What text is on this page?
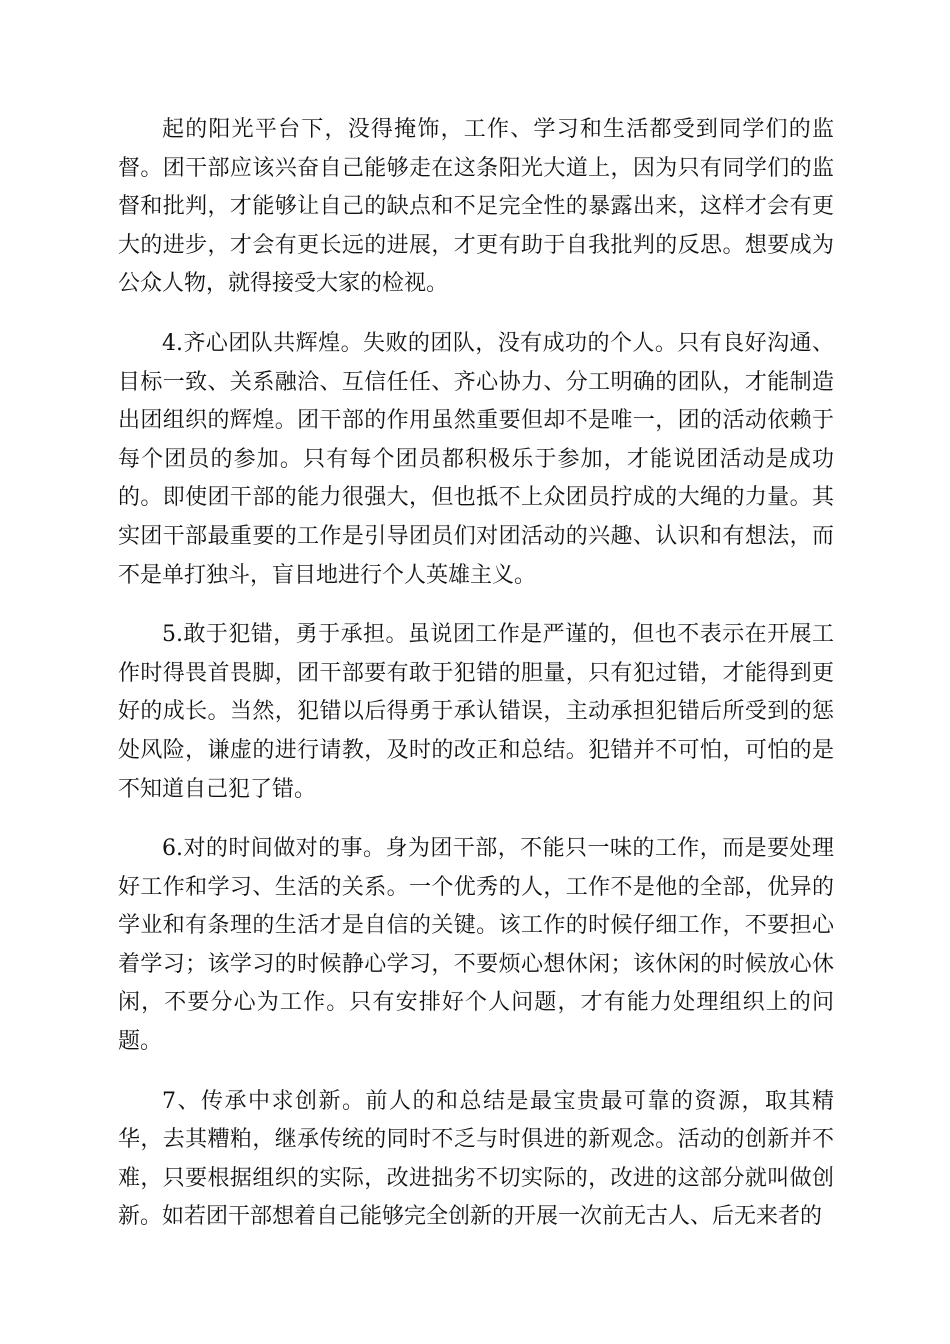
起的阳光平台下，没得掩饰，工作、学习和生活都受到同学们的监督。团干部应该兴奋自己能够走在这条阳光大道上，因为只有同学们的监督和批判，才能够让自己的缺点和不足完全性的暴露出来，这样才会有更大的进步，才会有更长远的进展，才更有助于自我批判的反思。想要成为公众人物，就得接受大家的检视。

4.齐心团队共辉煌。失败的团队，没有成功的个人。只有良好沟通、目标一致、关系融洽、互信任任、齐心协力、分工明确的团队，才能制造出团组织的辉煌。团干部的作用虽然重要但却不是唯一，团的活动依赖于每个团员的参加。只有每个团员都积极乐于参加，才能说团活动是成功的。即使团干部的能力很强大，但也抵不上众团员拧成的大绳的力量。其实团干部最重要的工作是引导团员们对团活动的兴趣、认识和有想法，而不是单打独斗，盲目地进行个人英雄主义。

5.敢于犯错，勇于承担。虽说团工作是严谨的，但也不表示在开展工作时得畏首畏脚，团干部要有敢于犯错的胆量，只有犯过错，才能得到更好的成长。当然，犯错以后得勇于承认错误，主动承担犯错后所受到的惩处风险，谦虚的进行请教，及时的改正和总结。犯错并不可怕，可怕的是不知道自己犯了错。

6.对的时间做对的事。身为团干部，不能只一味的工作，而是要处理好工作和学习、生活的关系。一个优秀的人，工作不是他的全部，优异的学业和有条理的生活才是自信的关键。该工作的时候仔细工作，不要担心着学习；该学习的时候静心学习，不要烦心想休闲；该休闲的时候放心休闲，不要分心为工作。只有安排好个人问题，才有能力处理组织上的问题。

7、传承中求创新。前人的和总结是最宝贵最可靠的资源，取其精华，去其糟粕，继承传统的同时不乏与时俱进的新观念。活动的创新并不难，只要根据组织的实际，改进拙劣不切实际的，改进的这部分就叫做创新。如若团干部想着自己能够完全创新的开展一次前无古人、后无来者的
